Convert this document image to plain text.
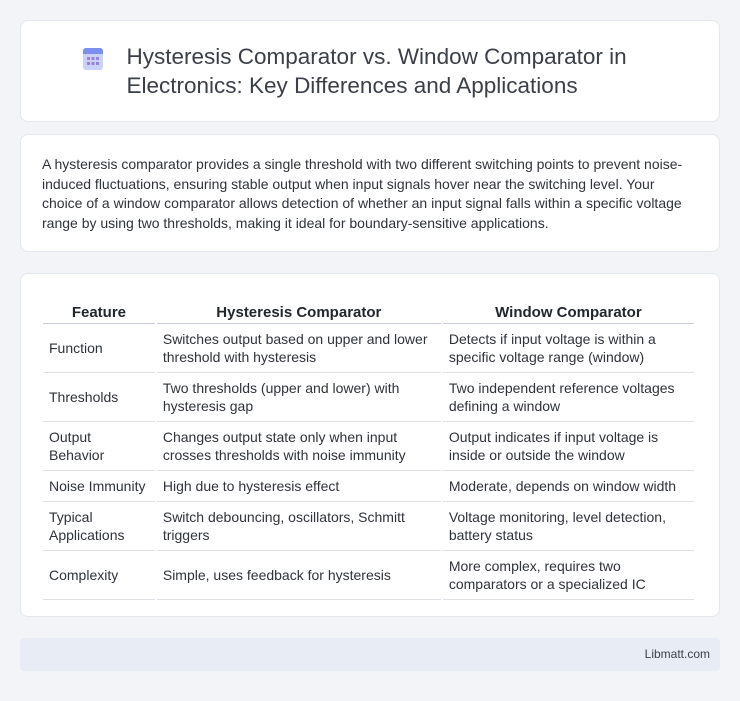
Hysteresis Comparator vs. Window Comparator in Electronics: Key Differences and Applications

A hysteresis comparator provides a single threshold with two different switching points to prevent noise-induced fluctuations, ensuring stable output when input signals hover near the switching level. Your choice of a window comparator allows detection of whether an input signal falls within a specific voltage range by using two thresholds, making it ideal for boundary-sensitive applications.

Feature	Hysteresis Comparator	Window Comparator
Function	Switches output based on upper and lower threshold with hysteresis	Detects if input voltage is within a specific voltage range (window)
Thresholds	Two thresholds (upper and lower) with hysteresis gap	Two independent reference voltages defining a window
Output Behavior	Changes output state only when input crosses thresholds with noise immunity	Output indicates if input voltage is inside or outside the window
Noise Immunity	High due to hysteresis effect	Moderate, depends on window width
Typical Applications	Switch debouncing, oscillators, Schmitt triggers	Voltage monitoring, level detection, battery status
Complexity	Simple, uses feedback for hysteresis	More complex, requires two comparators or a specialized IC
Libmatt.com
